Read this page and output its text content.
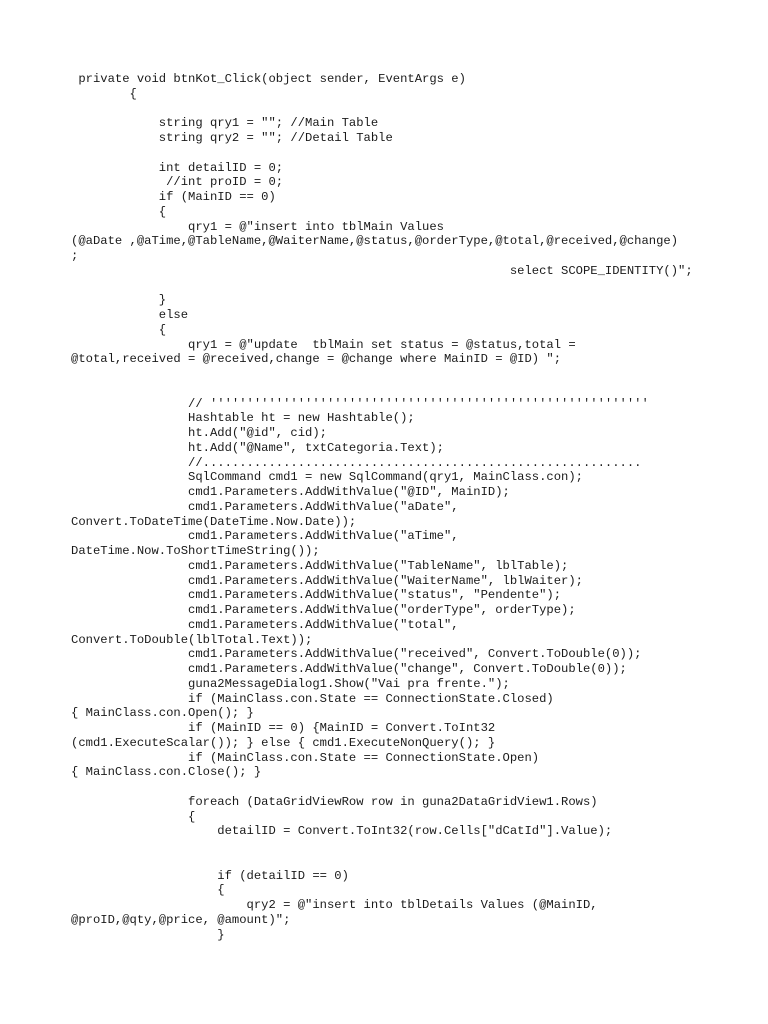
private void btnKot_Click(object sender, EventArgs e)
{
string qry1 = ""; //Main Table
string qry2 = ""; //Detail Table
int detailID = 0;
//int proID = 0;
if (MainID == 0)
{
qry1 = @"insert into tblMain Values
(@aDate ,@aTime,@TableName,@WaiterName,@status,@orderType,@total,@received,@change)
;
select SCOPE_IDENTITY()";
}
else
{
qry1 = @"update  tblMain set status = @status,total =
@total,received = @received,change = @change where MainID = @ID) ";
// ''''''''''''''''''''''''''''''''''''''''''''''''''''''''''''
Hashtable ht = new Hashtable();
ht.Add("@id", cid);
ht.Add("@Name", txtCategoria.Text);
//............................................................
SqlCommand cmd1 = new SqlCommand(qry1, MainClass.con);
cmd1.Parameters.AddWithValue("@ID", MainID);
cmd1.Parameters.AddWithValue("aDate",
Convert.ToDateTime(DateTime.Now.Date));
cmd1.Parameters.AddWithValue("aTime",
DateTime.Now.ToShortTimeString());
cmd1.Parameters.AddWithValue("TableName", lblTable);
cmd1.Parameters.AddWithValue("WaiterName", lblWaiter);
cmd1.Parameters.AddWithValue("status", "Pendente");
cmd1.Parameters.AddWithValue("orderType", orderType);
cmd1.Parameters.AddWithValue("total",
Convert.ToDouble(lblTotal.Text));
cmd1.Parameters.AddWithValue("received", Convert.ToDouble(0));
cmd1.Parameters.AddWithValue("change", Convert.ToDouble(0));
guna2MessageDialog1.Show("Vai pra frente.");
if (MainClass.con.State == ConnectionState.Closed)
{ MainClass.con.Open(); }
if (MainID == 0) {MainID = Convert.ToInt32
(cmd1.ExecuteScalar()); } else { cmd1.ExecuteNonQuery(); }
if (MainClass.con.State == ConnectionState.Open)
{ MainClass.con.Close(); }
foreach (DataGridViewRow row in guna2DataGridView1.Rows)
{
detailID = Convert.ToInt32(row.Cells["dCatId"].Value);
if (detailID == 0)
{
qry2 = @"insert into tblDetails Values (@MainID,
@proID,@qty,@price, @amount)";
}
